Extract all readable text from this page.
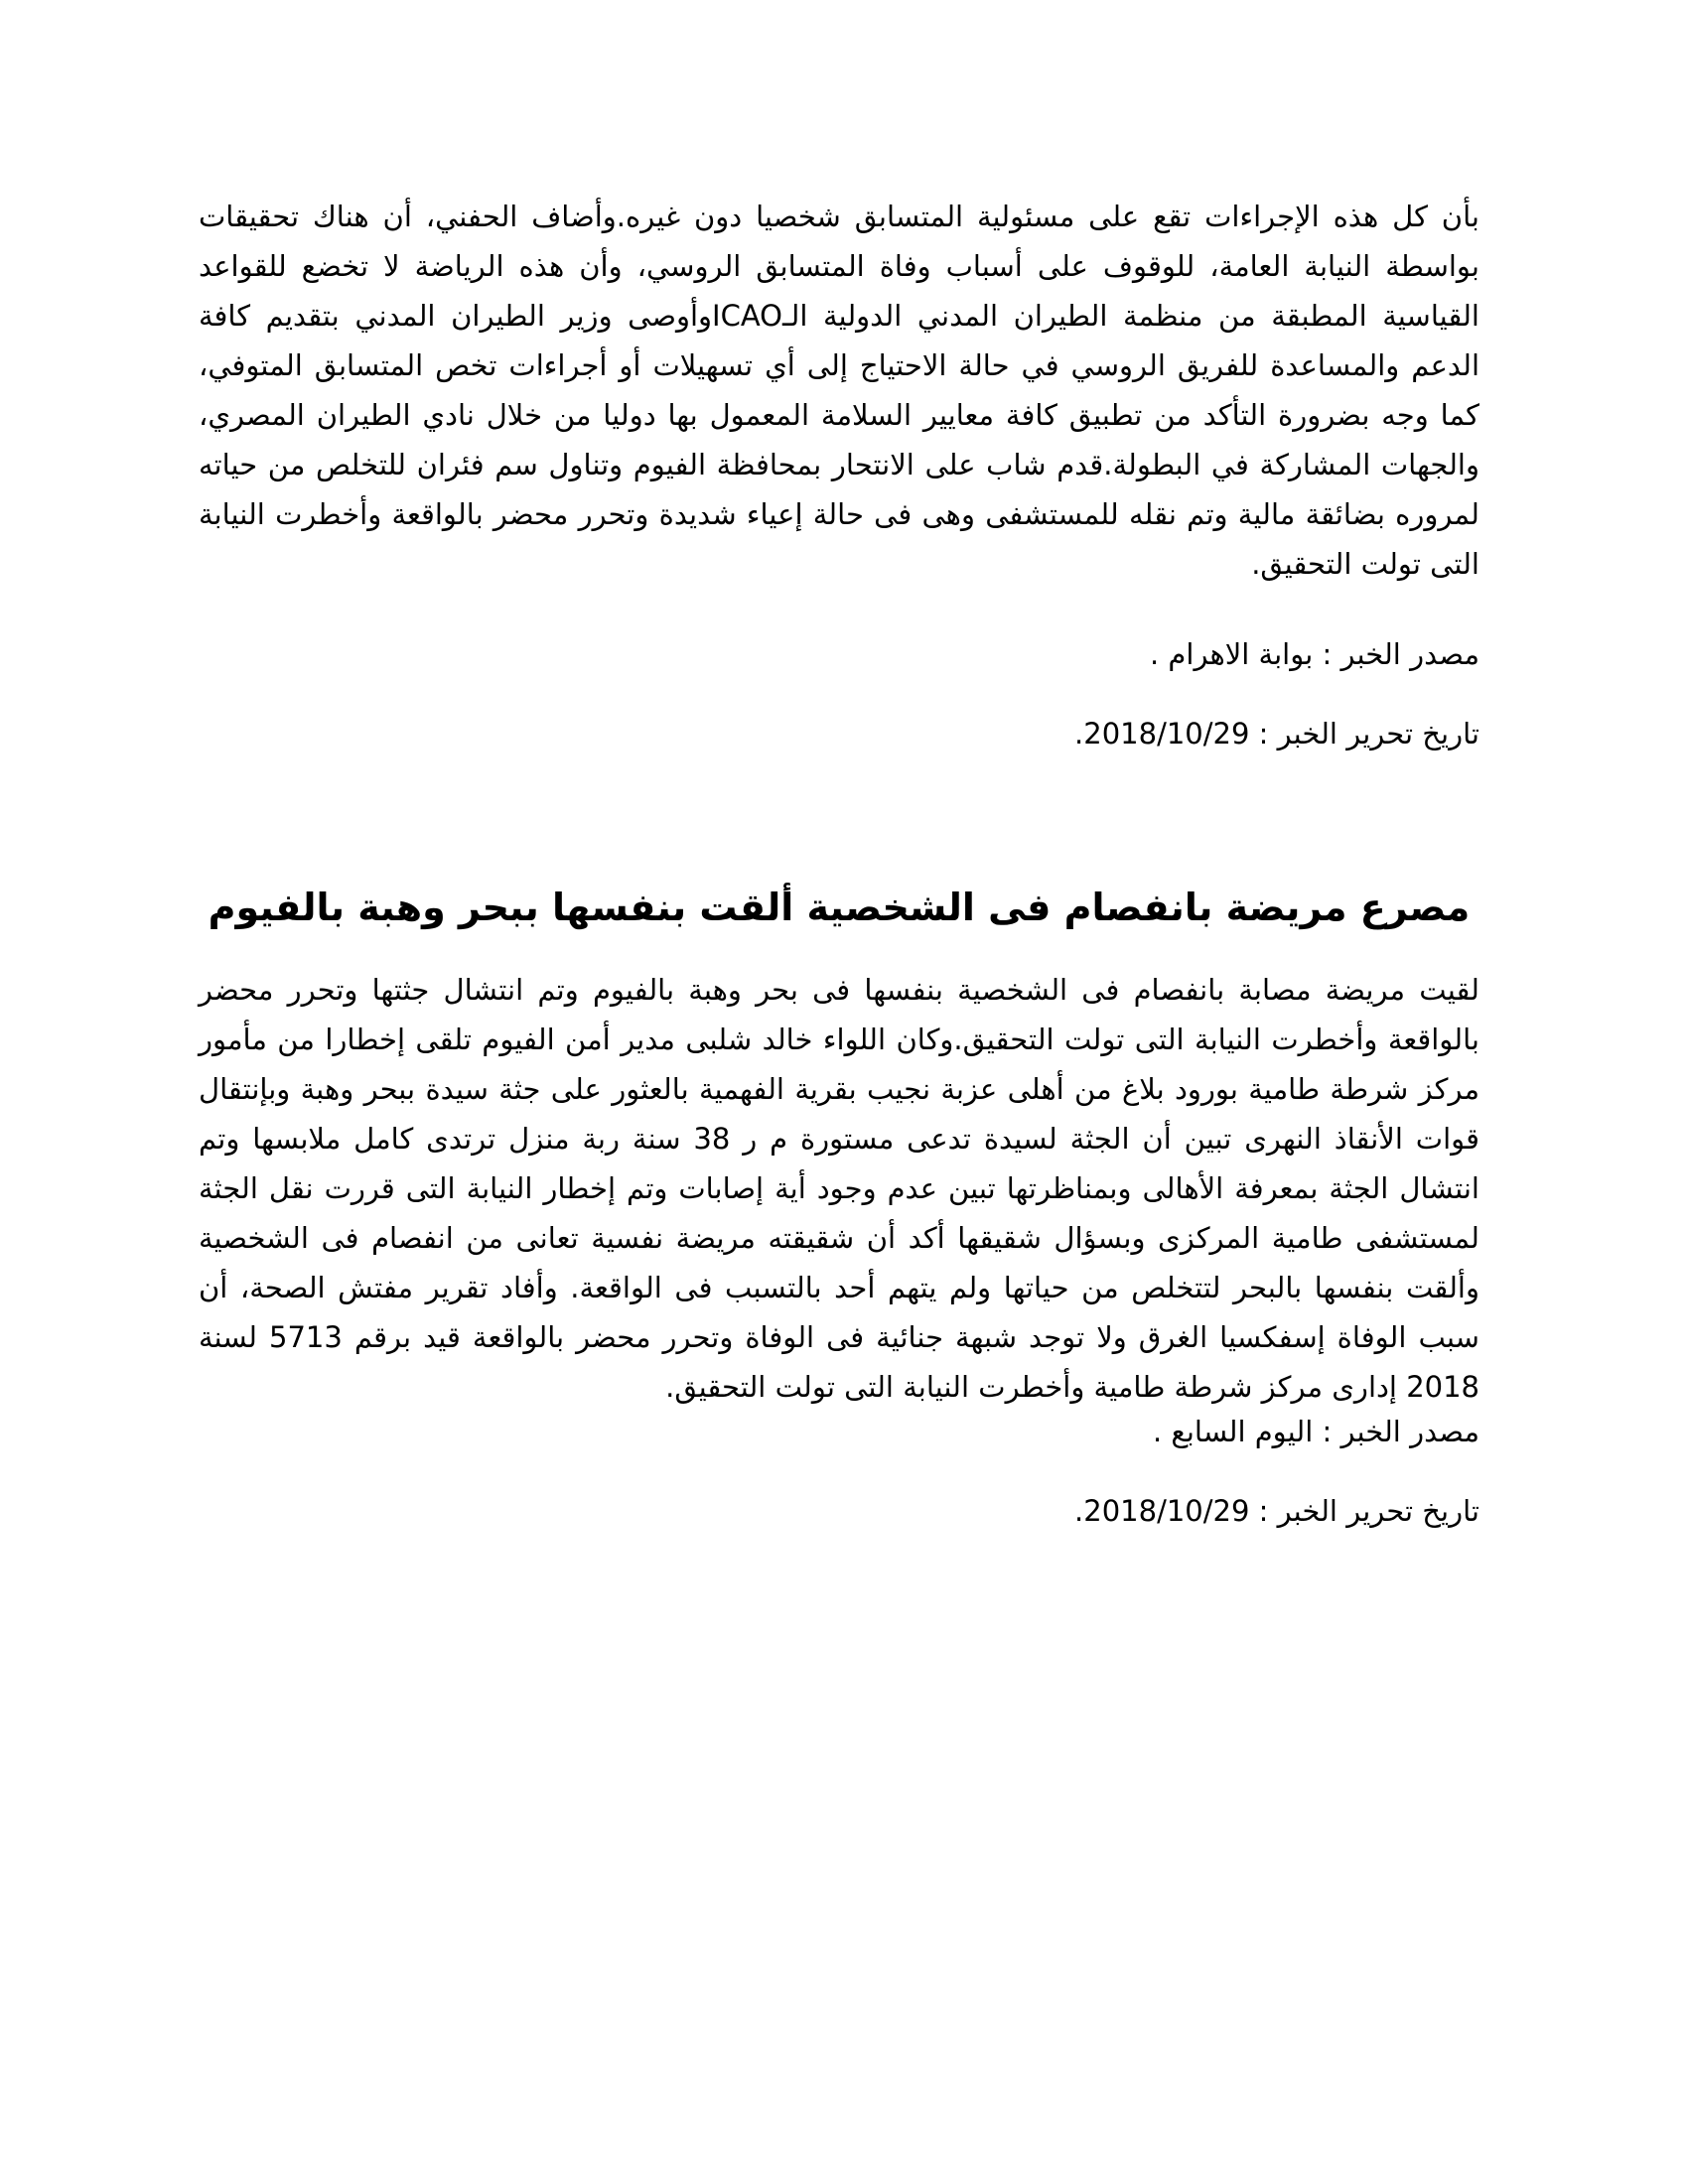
بأن كل هذه الإجراءات تقع على مسئولية المتسابق شخصيا دون غيره.وأضاف الحفني، أن هناك تحقيقات بواسطة النيابة العامة، للوقوف على أسباب وفاة المتسابق الروسي، وأن هذه الرياضة لا تخضع للقواعد القياسية المطبقة من منظمة الطيران المدني الدولية الـICAOوأوصى وزير الطيران المدني بتقديم كافة الدعم والمساعدة للفريق الروسي في حالة الاحتياج إلى أي تسهيلات أو أجراءات تخص المتسابق المتوفي، كما وجه بضرورة التأكد من تطبيق كافة معايير السلامة المعمول بها دوليا من خلال نادي الطيران المصري، والجهات المشاركة في البطولة.قدم شاب على الانتحار بمحافظة الفيوم وتناول سم فئران للتخلص من حياته لمروره بضائقة مالية وتم نقله للمستشفى وهى فى حالة إعياء شديدة وتحرر محضر بالواقعة وأخطرت النيابة التى تولت التحقيق.

مصدر الخبر : بوابة الاهرام .

تاريخ تحرير الخبر : 2018/10/29.

مصرع مريضة بانفصام فى الشخصية ألقت بنفسها ببحر وهبة بالفيوم

لقيت مريضة مصابة بانفصام فى الشخصية بنفسها فى بحر وهبة بالفيوم وتم انتشال جثتها وتحرر محضر بالواقعة وأخطرت النيابة التى تولت التحقيق.وكان اللواء خالد شلبى مدير أمن الفيوم تلقى إخطارا من مأمور مركز شرطة طامية بورود بلاغ من أهلى عزبة نجيب بقرية الفهمية بالعثور على جثة سيدة ببحر وهبة وبإنتقال قوات الأنقاذ النهرى تبين أن الجثة لسيدة تدعى مستورة م ر 38 سنة ربة منزل ترتدى كامل ملابسها وتم انتشال الجثة بمعرفة الأهالى وبمناظرتها تبين عدم وجود أية إصابات وتم إخطار النيابة التى قررت نقل الجثة لمستشفى طامية المركزى وبسؤال شقيقها أكد أن شقيقته مريضة نفسية تعانى من انفصام فى الشخصية وألقت بنفسها بالبحر لتتخلص من حياتها ولم يتهم أحد بالتسبب فى الواقعة. وأفاد تقرير مفتش الصحة، أن سبب الوفاة إسفكسيا الغرق ولا توجد شبهة جنائية فى الوفاة وتحرر محضر بالواقعة قيد برقم 5713 لسنة 2018 إدارى مركز شرطة طامية وأخطرت النيابة التى تولت التحقيق.

مصدر الخبر : اليوم السابع .

تاريخ تحرير الخبر : 2018/10/29.
